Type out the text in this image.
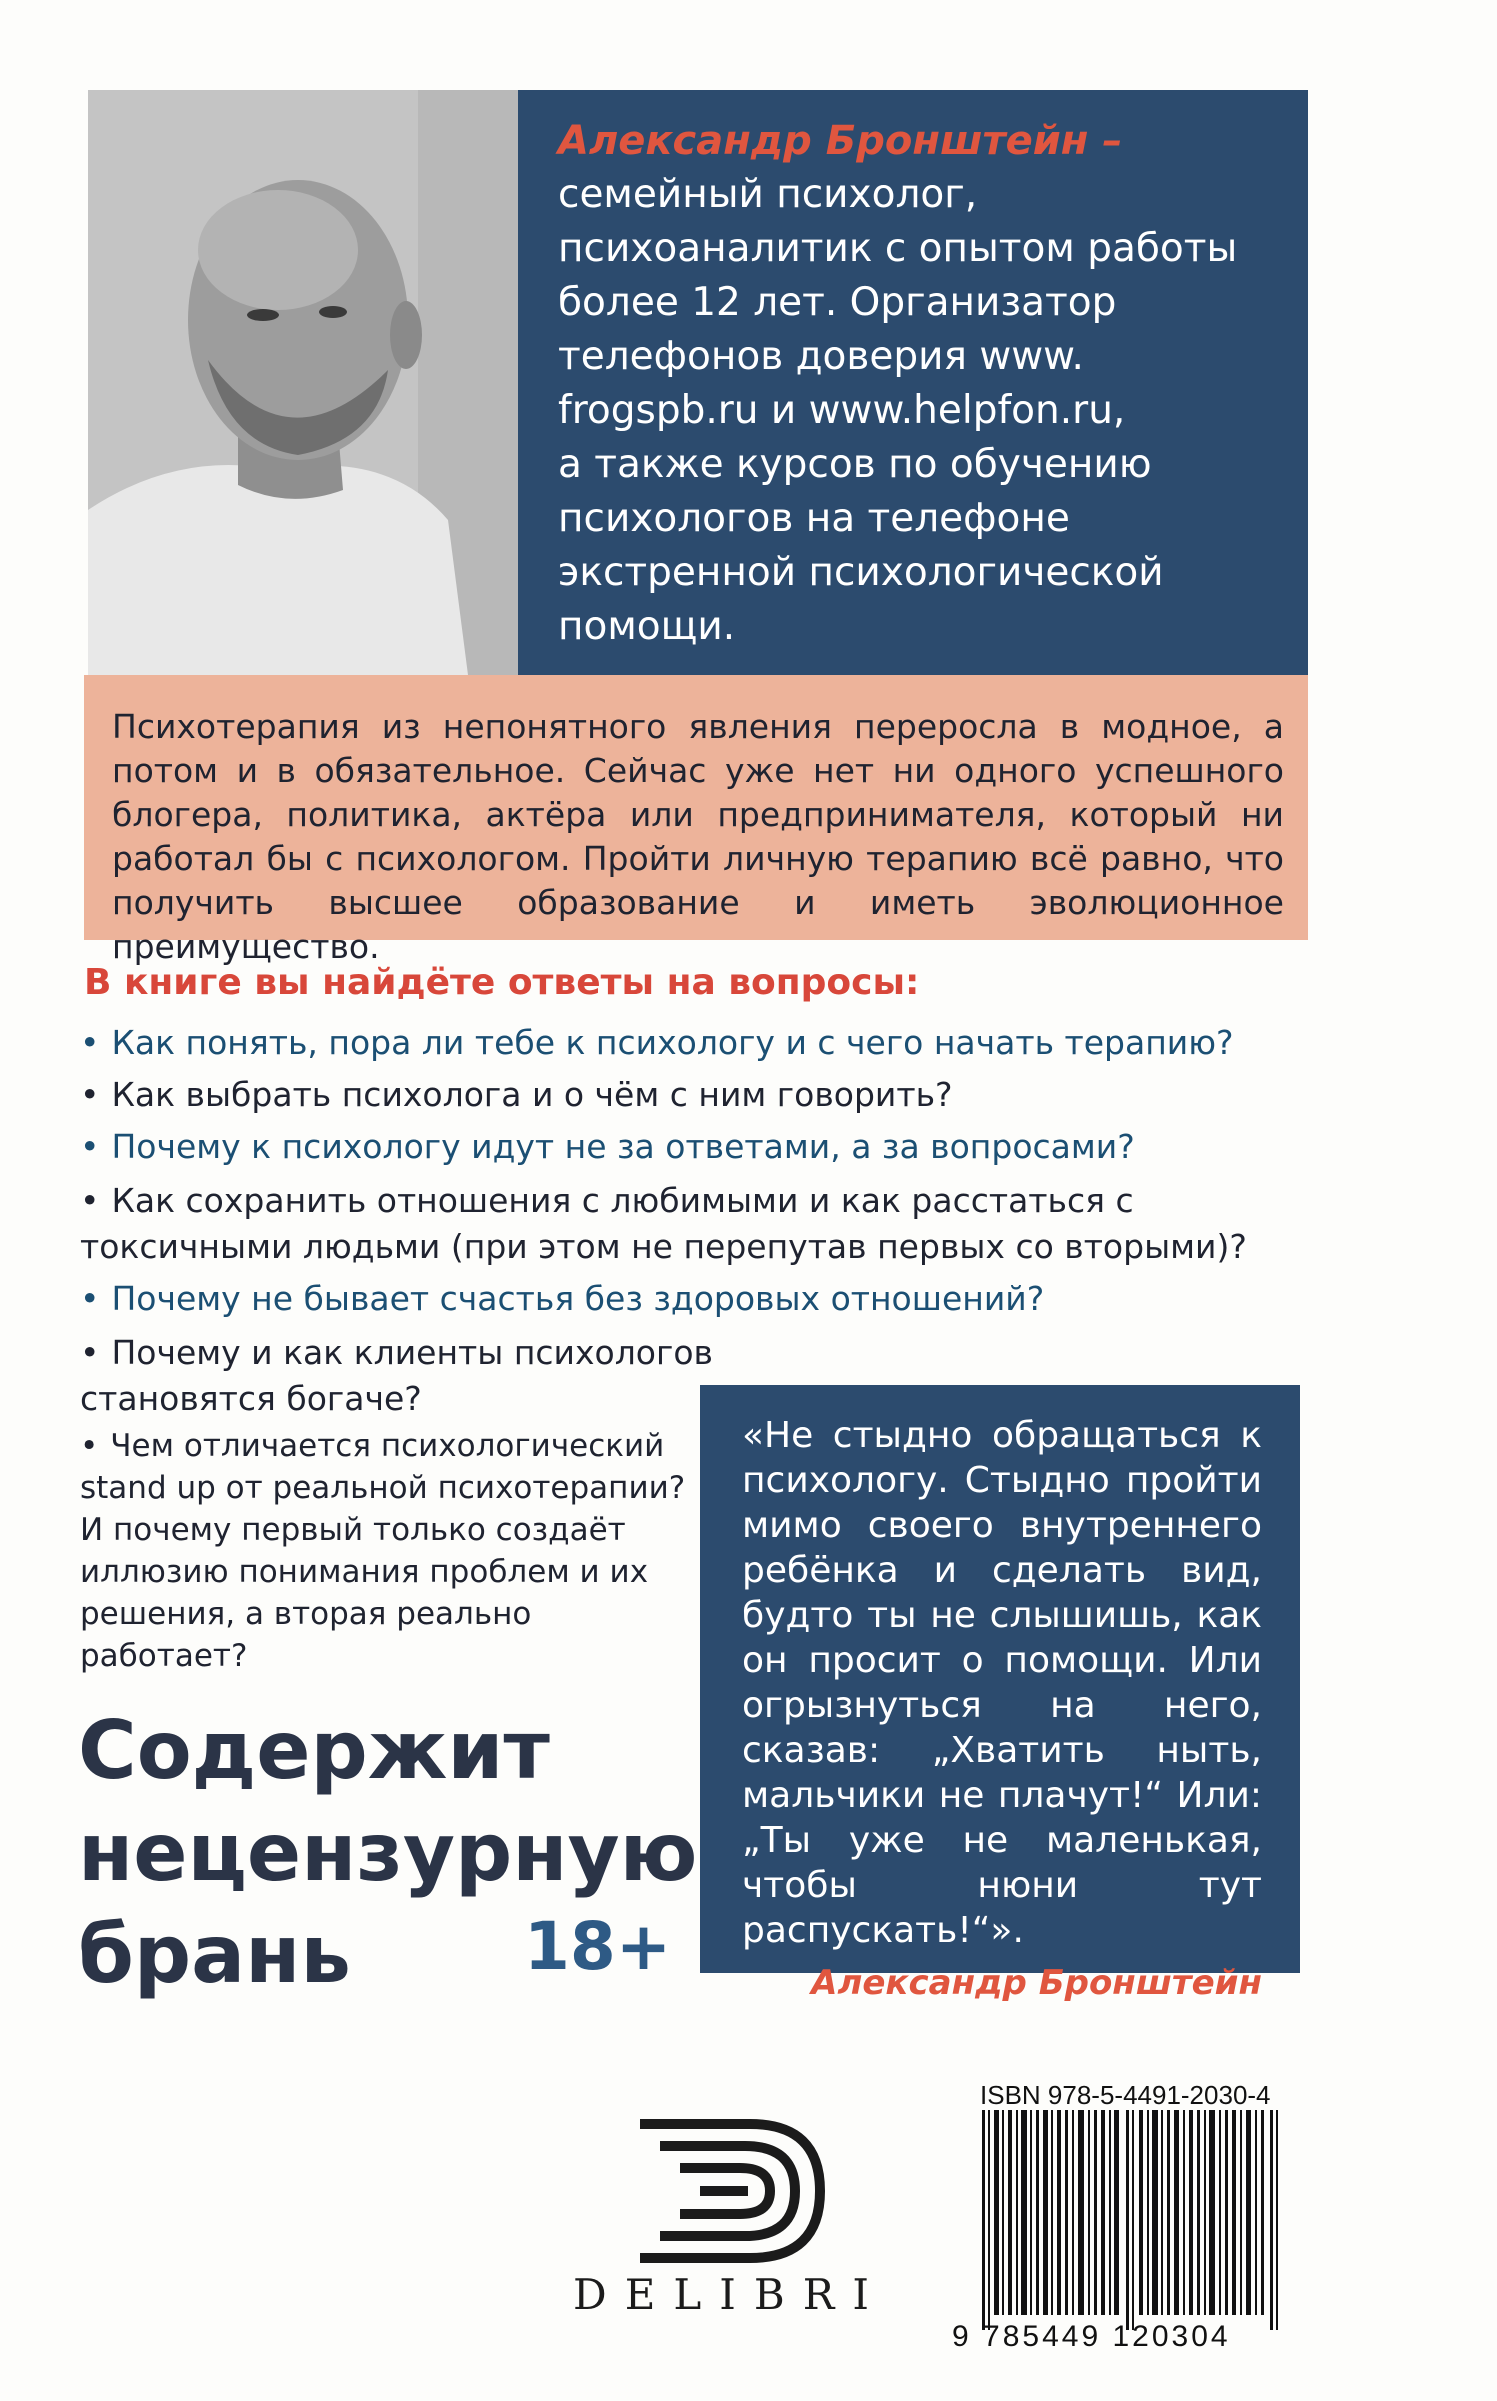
Александр Бронштейн –
семейный психолог,
психоаналитик с опытом работы
более 12 лет. Организатор
телефонов доверия www.
frogspb.ru и www.helpfon.ru,
а также курсов по обучению
психологов на телефоне
экстренной психологической
помощи.
Психотерапия из непонятного явления переросла в модное, а потом и в обязательное. Сейчас уже нет ни одного успешного блогера, политика, актёра или предпринимателя, который ни работал бы с психологом. Пройти личную терапию всё равно, что получить высшее образование и иметь эволюционное преимущество.
В книге вы найдёте ответы на вопросы:
• Как понять, пора ли тебе к психологу и с чего начать терапию?
• Как выбрать психолога и о чём с ним говорить?
• Почему к психологу идут не за ответами, а за вопросами?
• Как сохранить отношения с любимыми и как расстаться с токсичными людьми (при этом не перепутав первых со вторыми)?
• Почему не бывает счастья без здоровых отношений?
• Почему и как клиенты психологов становятся богаче?
• Чем отличается психологический stand up от реальной психотерапии? И почему первый только создаёт иллюзию понимания проблем и их решения, а вторая реально работает?
«Не стыдно обращаться к психологу. Стыдно пройти мимо своего внутреннего ребёнка и сделать вид, будто ты не слышишь, как он просит о помощи. Или огрызнуться на него, сказав: „Хватить ныть, мальчики не плачут!“ Или: „Ты уже не маленькая, чтобы нюни тут распускать!“».
Александр Бронштейн
Содержит
нецензурную
брань	18+
DELIBRI
ISBN 978-5-4491-2030-4
9 785449 120304
